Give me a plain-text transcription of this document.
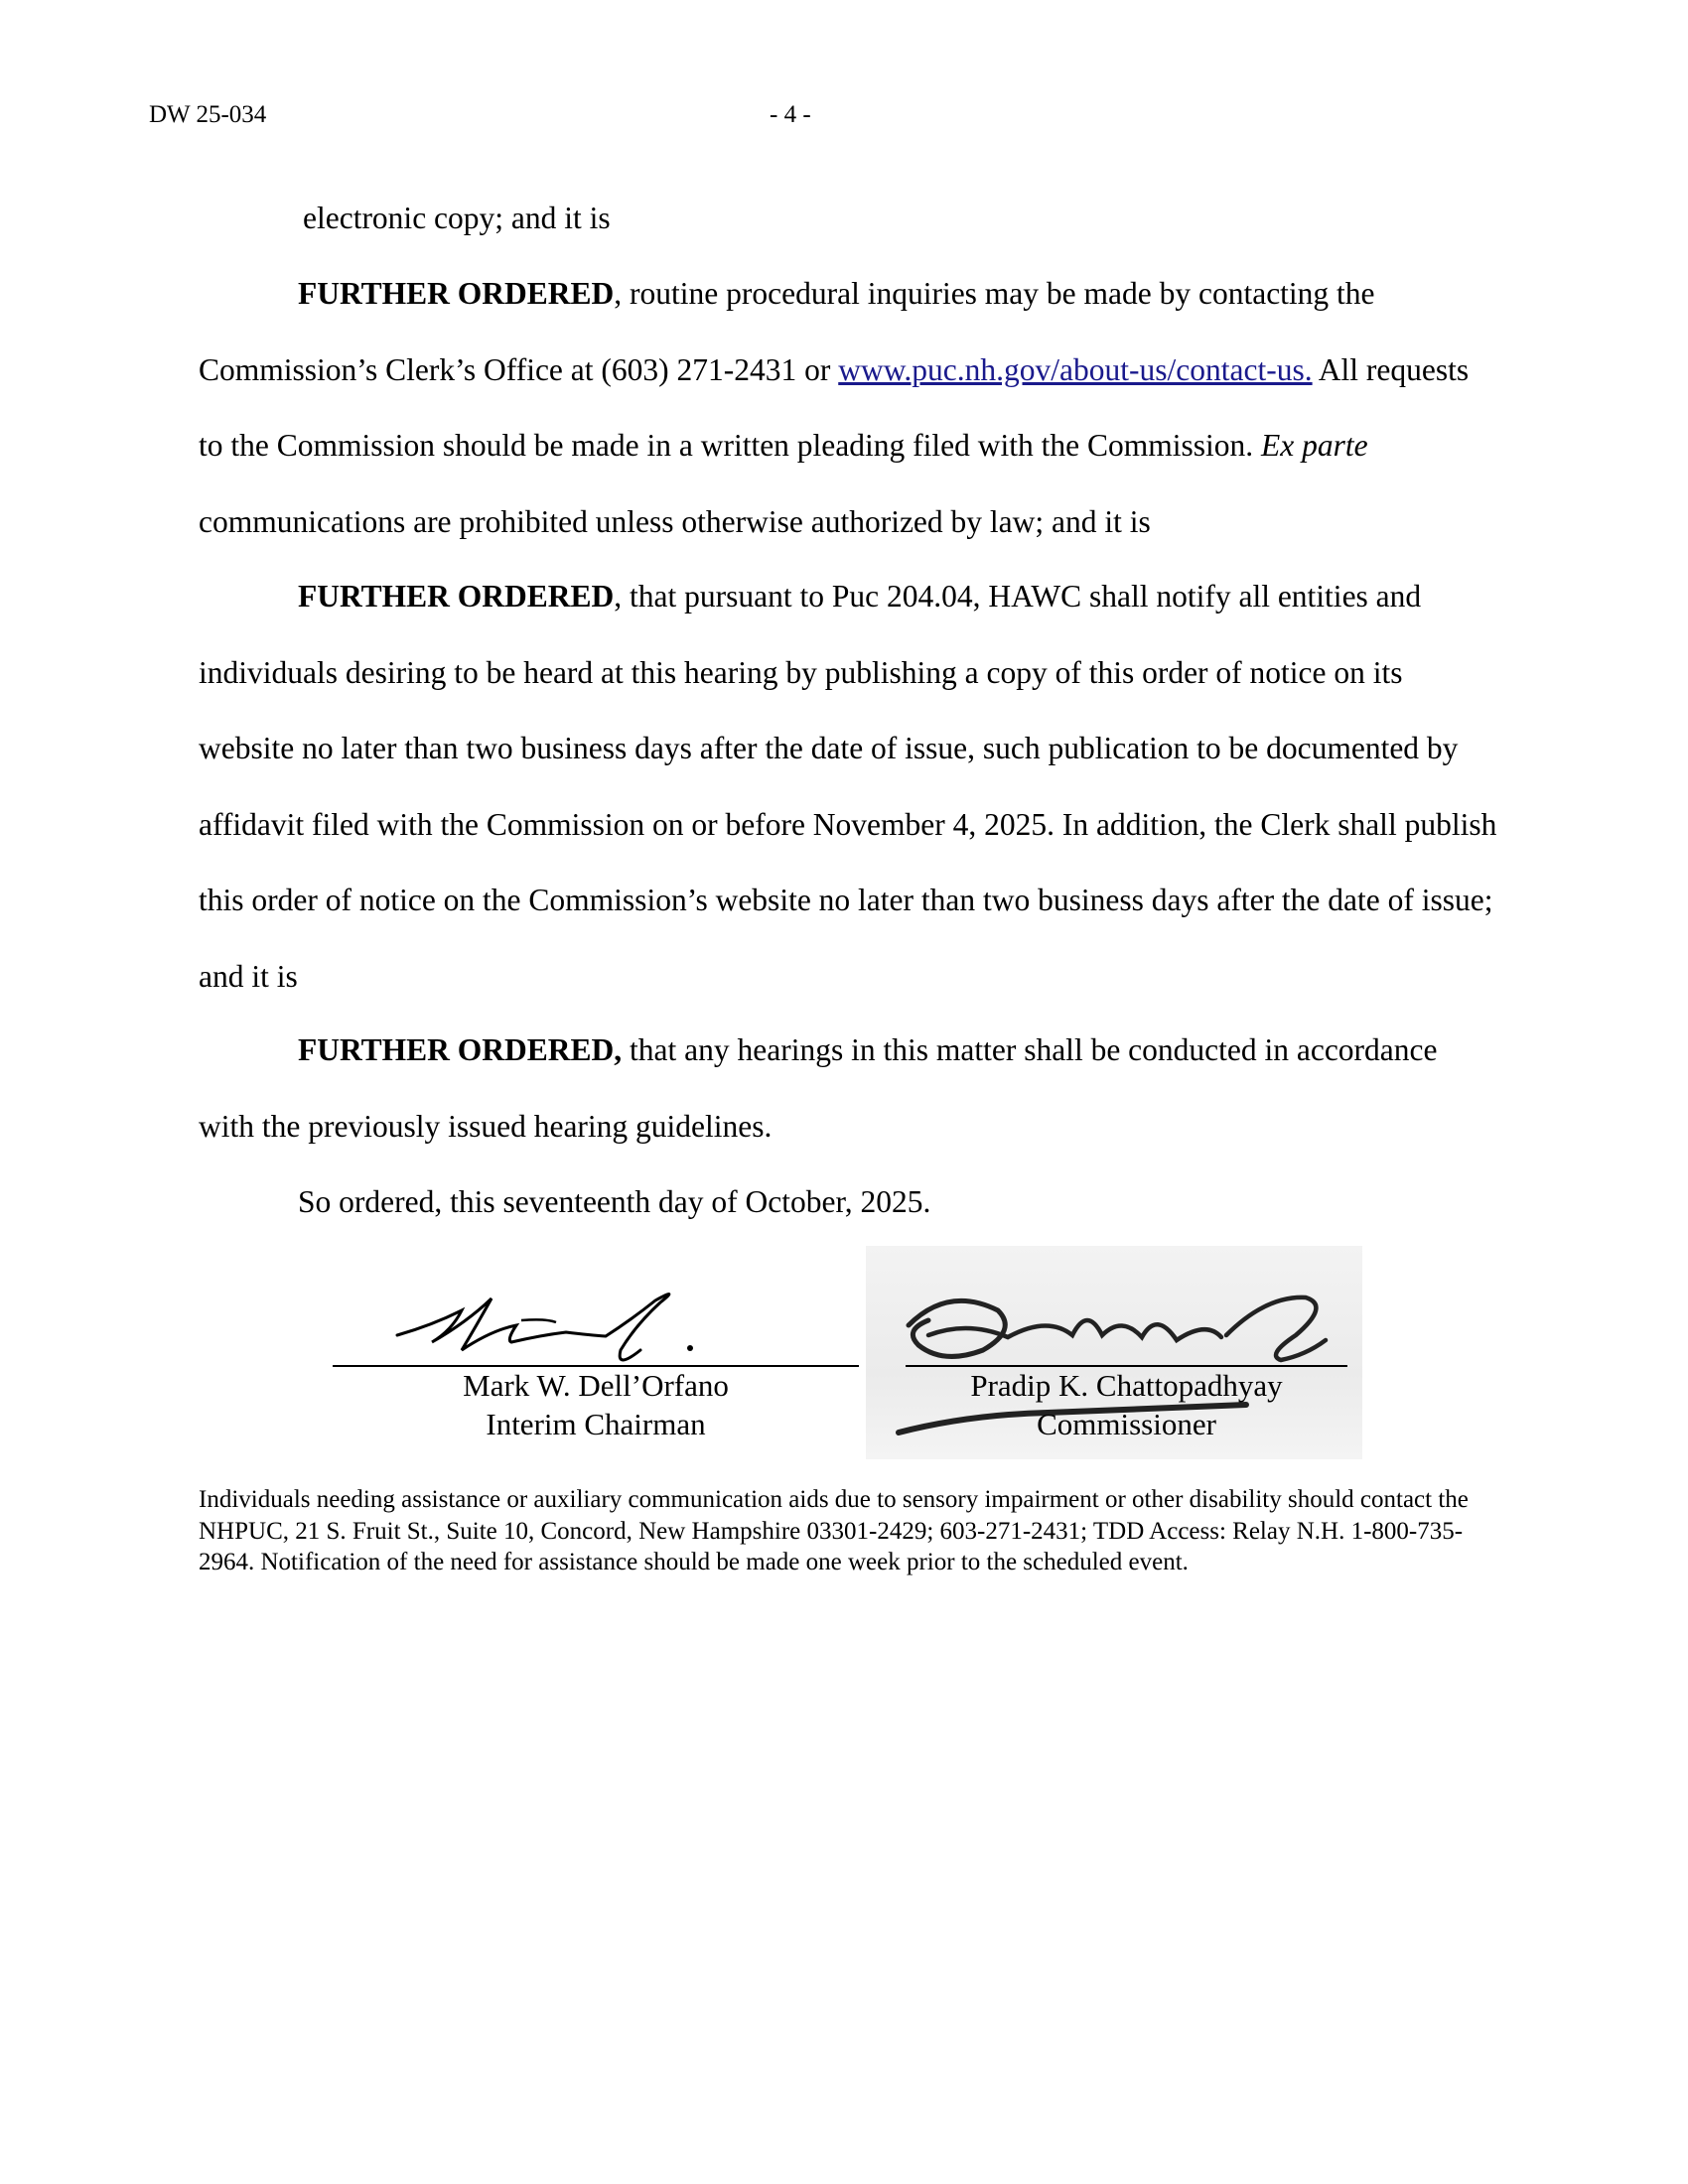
DW 25-034	- 4 -

electronic copy; and it is

FURTHER ORDERED, routine procedural inquiries may be made by contacting the Commission’s Clerk’s Office at (603) 271-2431 or www.puc.nh.gov/about-us/contact-us. All requests to the Commission should be made in a written pleading filed with the Commission. Ex parte communications are prohibited unless otherwise authorized by law; and it is

FURTHER ORDERED, that pursuant to Puc 204.04, HAWC shall notify all entities and individuals desiring to be heard at this hearing by publishing a copy of this order of notice on its website no later than two business days after the date of issue, such publication to be documented by affidavit filed with the Commission on or before November 4, 2025. In addition, the Clerk shall publish this order of notice on the Commission’s website no later than two business days after the date of issue; and it is

FURTHER ORDERED, that any hearings in this matter shall be conducted in accordance with the previously issued hearing guidelines.

So ordered, this seventeenth day of October, 2025.

Mark W. Dell’Orfano
Interim Chairman
Pradip K. Chattopadhyay
Commissioner

Individuals needing assistance or auxiliary communication aids due to sensory impairment or other disability should contact the NHPUC, 21 S. Fruit St., Suite 10, Concord, New Hampshire 03301-2429; 603-271-2431; TDD Access: Relay N.H. 1-800-735-2964. Notification of the need for assistance should be made one week prior to the scheduled event.
